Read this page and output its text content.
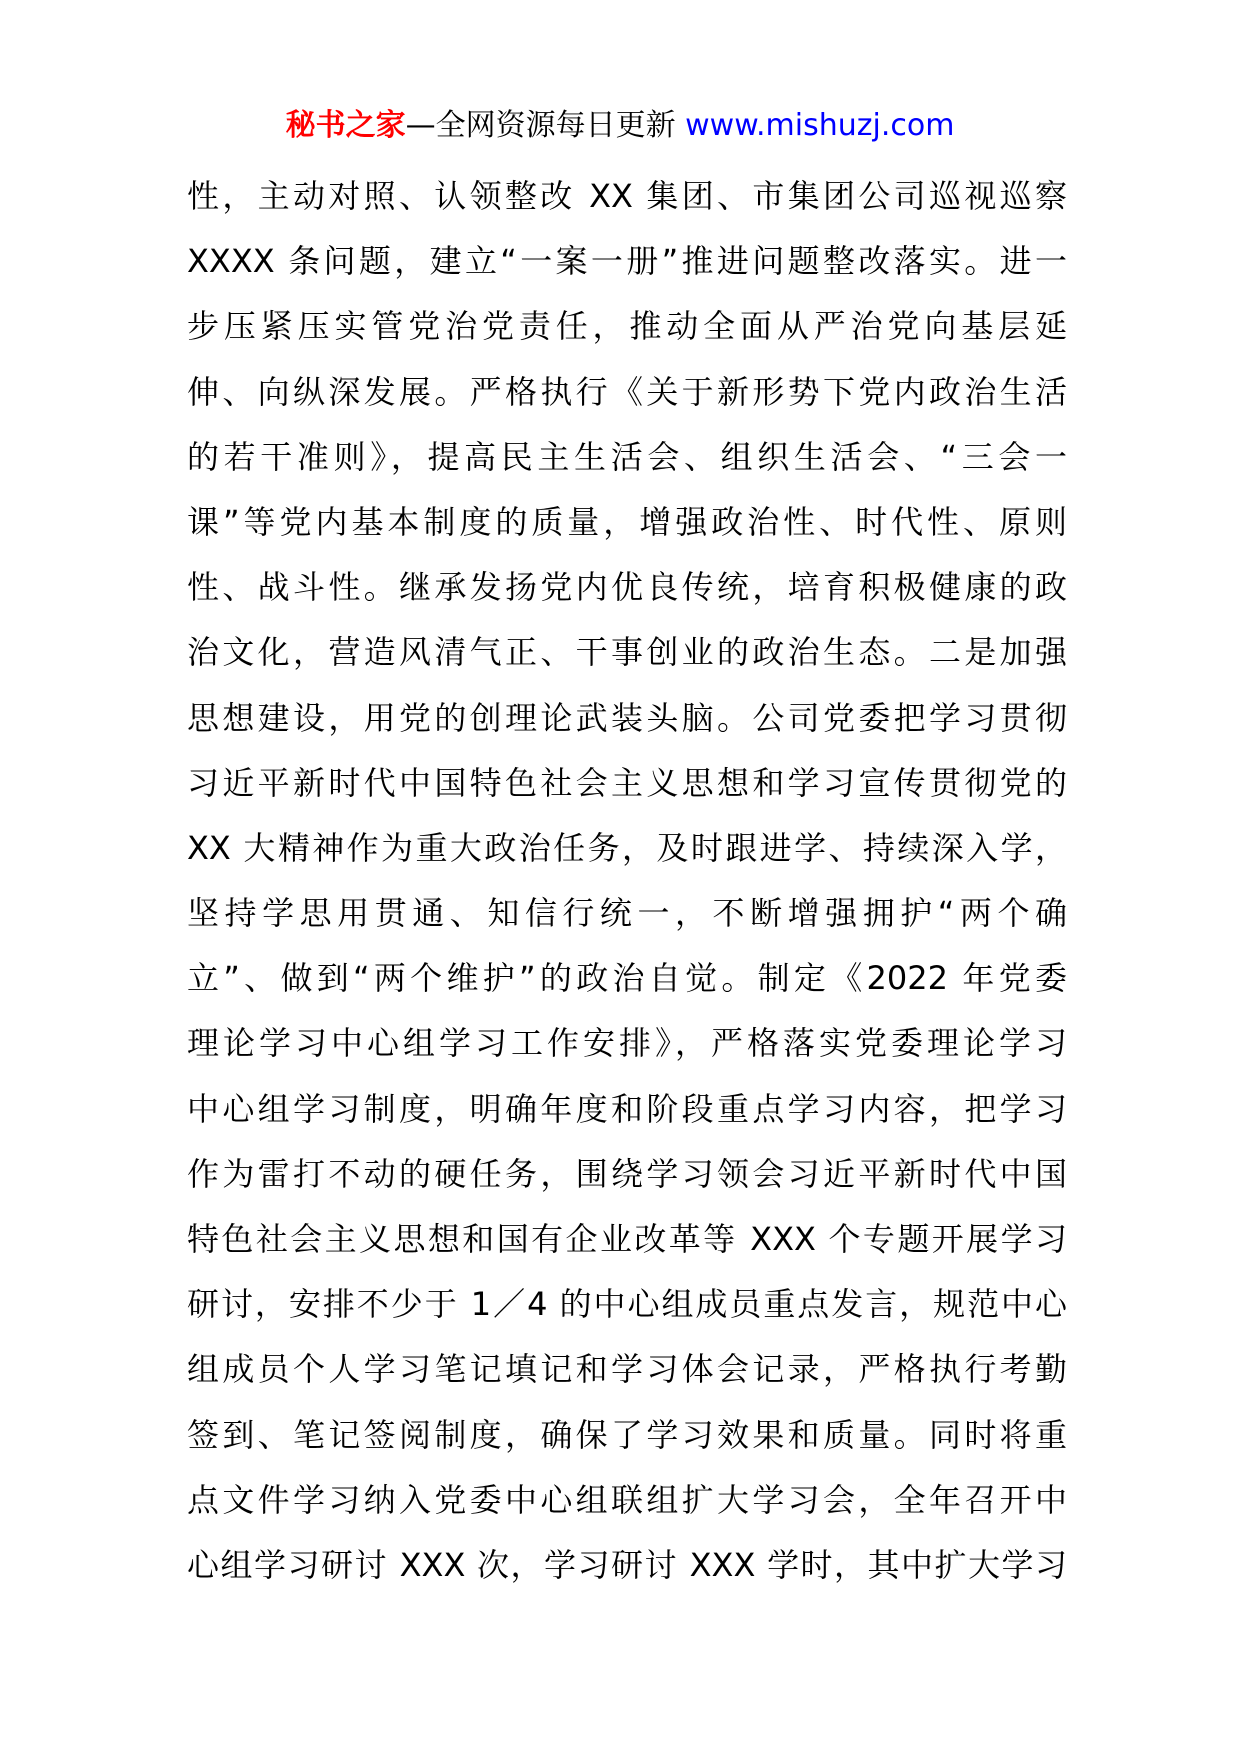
秘书之家—全网资源每日更新 www.mishuzj.com
性，主动对照、认领整改 XX 集团、市集团公司巡视巡察
XXXX 条问题，建立“一案一册”推进问题整改落实。进一
步压紧压实管党治党责任，推动全面从严治党向基层延
伸、向纵深发展。严格执行《关于新形势下党内政治生活
的若干准则》，提高民主生活会、组织生活会、“三会一
课”等党内基本制度的质量，增强政治性、时代性、原则
性、战斗性。继承发扬党内优良传统，培育积极健康的政
治文化，营造风清气正、干事创业的政治生态。二是加强
思想建设，用党的创理论武装头脑。公司党委把学习贯彻
习近平新时代中国特色社会主义思想和学习宣传贯彻党的
XX 大精神作为重大政治任务，及时跟进学、持续深入学，
坚持学思用贯通、知信行统一，不断增强拥护“两个确
立”、做到“两个维护”的政治自觉。制定《2022 年党委
理论学习中心组学习工作安排》，严格落实党委理论学习
中心组学习制度，明确年度和阶段重点学习内容，把学习
作为雷打不动的硬任务，围绕学习领会习近平新时代中国
特色社会主义思想和国有企业改革等 XXX 个专题开展学习
研讨，安排不少于 1／4 的中心组成员重点发言，规范中心
组成员个人学习笔记填记和学习体会记录，严格执行考勤
签到、笔记签阅制度，确保了学习效果和质量。同时将重
点文件学习纳入党委中心组联组扩大学习会，全年召开中
心组学习研讨 XXX 次，学习研讨 XXX 学时，其中扩大学习
